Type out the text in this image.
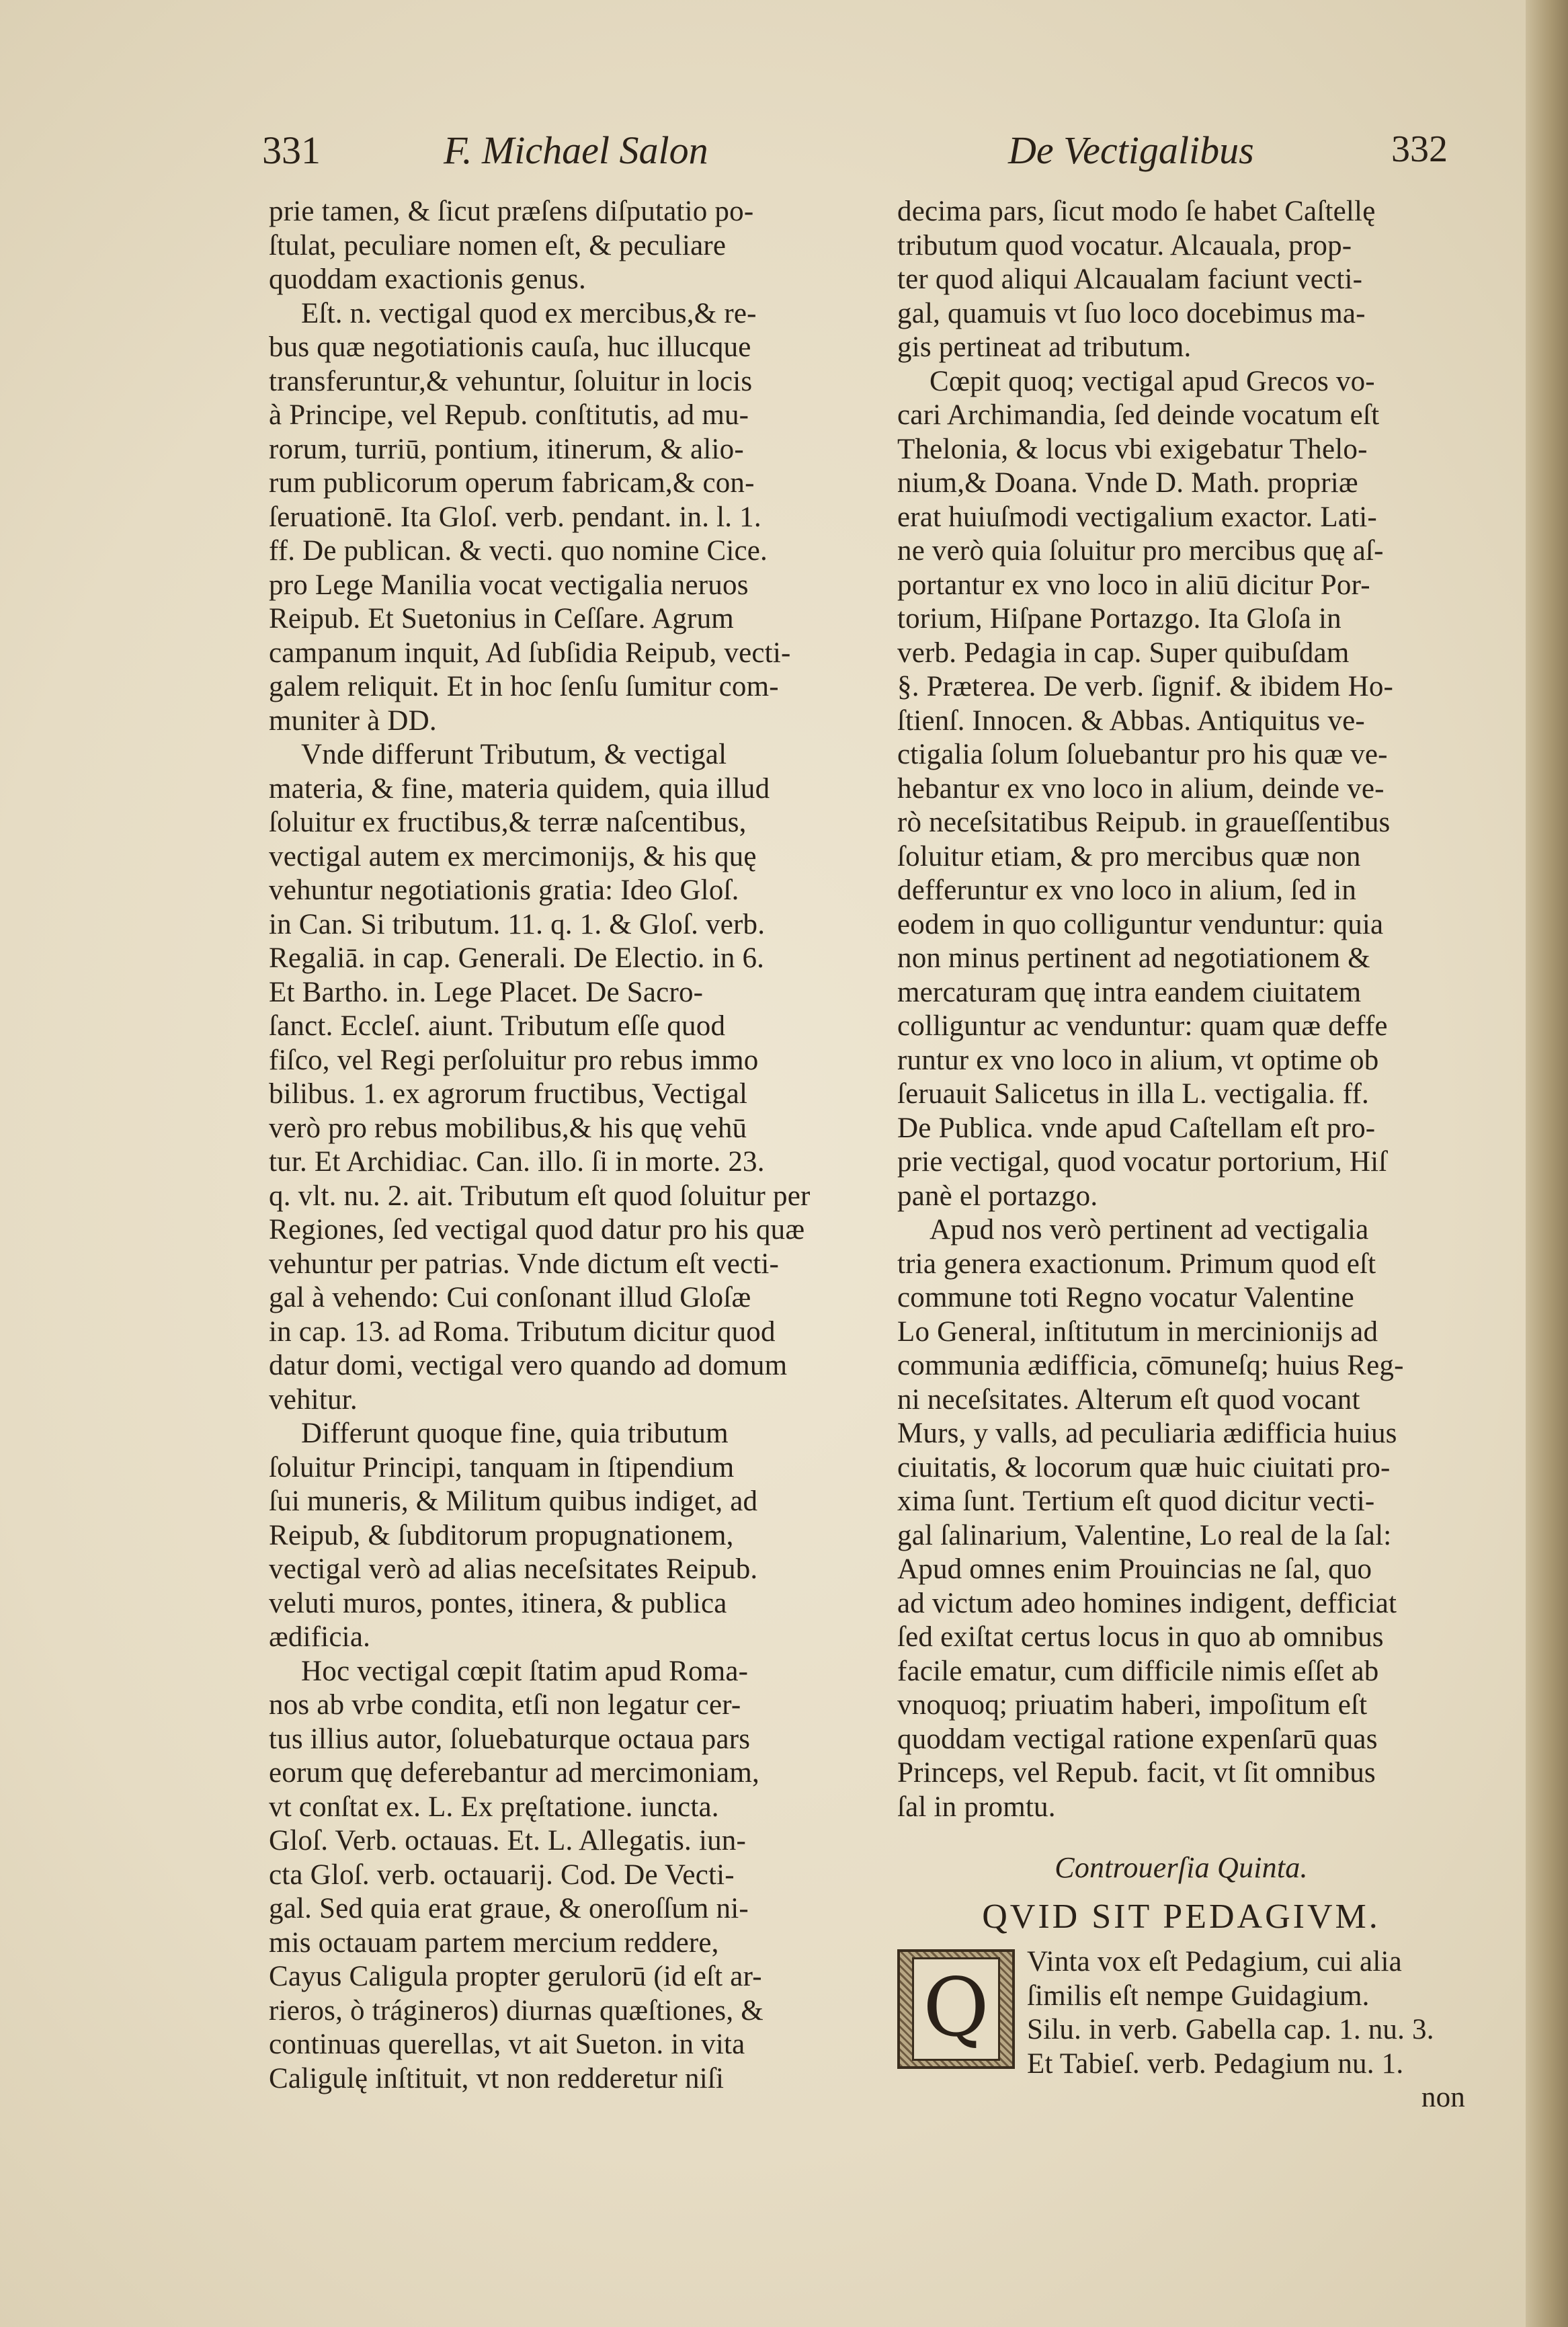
331	F. Michael Salon	De Vectigalibus	332
prie tamen, & ſicut præſens diſputatio po-
ſtulat, peculiare nomen eſt, & peculiare
quoddam exactionis genus.
Eſt. n. vectigal quod ex mercibus,& re-
bus quæ negotiationis cauſa, huc illucque
transferuntur,& vehuntur, ſoluitur in locis
à Principe, vel Repub. conſtitutis, ad mu-
rorum, turriū, pontium, itinerum, & alio-
rum publicorum operum fabricam,& con-
ſeruationē. Ita Gloſ. verb. pendant. in. l. 1.
ff. De publican. & vecti. quo nomine Cice.
pro Lege Manilia vocat vectigalia neruos
Reipub. Et Suetonius in Ceſſare. Agrum
campanum inquit, Ad ſubſidia Reipub, vecti-
galem reliquit. Et in hoc ſenſu ſumitur com-
muniter à DD.
Vnde differunt Tributum, & vectigal
materia, & fine, materia quidem, quia illud
ſoluitur ex fructibus,& terræ naſcentibus,
vectigal autem ex mercimonijs, & his quę
vehuntur negotiationis gratia: Ideo Gloſ.
in Can. Si tributum. 11. q. 1. & Gloſ. verb.
Regaliā. in cap. Generali. De Electio. in 6.
Et Bartho. in. Lege Placet. De Sacro-
ſanct. Eccleſ. aiunt. Tributum eſſe quod
fiſco, vel Regi perſoluitur pro rebus immo
bilibus. 1. ex agrorum fructibus, Vectigal
verò pro rebus mobilibus,& his quę vehū
tur. Et Archidiac. Can. illo. ſi in morte. 23.
q. vlt. nu. 2. ait. Tributum eſt quod ſoluitur per
Regiones, ſed vectigal quod datur pro his quæ
vehuntur per patrias. Vnde dictum eſt vecti-
gal à vehendo: Cui conſonant illud Gloſæ
in cap. 13. ad Roma. Tributum dicitur quod
datur domi, vectigal vero quando ad domum
vehitur.
Differunt quoque fine, quia tributum
ſoluitur Principi, tanquam in ſtipendium
ſui muneris, & Militum quibus indiget, ad
Reipub, & ſubditorum propugnationem,
vectigal verò ad alias neceſsitates Reipub.
veluti muros, pontes, itinera, & publica
ædificia.
Hoc vectigal cœpit ſtatim apud Roma-
nos ab vrbe condita, etſi non legatur cer-
tus illius autor, ſoluebaturque octaua pars
eorum quę deferebantur ad mercimoniam,
vt conſtat ex. L. Ex pręſtatione. iuncta.
Gloſ. Verb. octauas. Et. L. Allegatis. iun-
cta Gloſ. verb. octauarij. Cod. De Vecti-
gal. Sed quia erat graue, & oneroſſum ni-
mis octauam partem mercium reddere,
Cayus Caligula propter gerulorū (id eſt ar-
rieros, ò trágineros) diurnas quæſtiones, &
continuas querellas, vt ait Sueton. in vita
Caligulę inſtituit, vt non redderetur niſi
decima pars, ſicut modo ſe habet Caſtellę
tributum quod vocatur. Alcauala, prop-
ter quod aliqui Alcaualam faciunt vecti-
gal, quamuis vt ſuo loco docebimus ma-
gis pertineat ad tributum.
Cœpit quoq; vectigal apud Grecos vo-
cari Archimandia, ſed deinde vocatum eſt
Thelonia, & locus vbi exigebatur Thelo-
nium,& Doana. Vnde D. Math. propriæ
erat huiuſmodi vectigalium exactor. Lati-
ne verò quia ſoluitur pro mercibus quę aſ-
portantur ex vno loco in aliū dicitur Por-
torium, Hiſpane Portazgo. Ita Gloſa in
verb. Pedagia in cap. Super quibuſdam
§. Præterea. De verb. ſignif. & ibidem Ho-
ſtienſ. Innocen. & Abbas. Antiquitus ve-
ctigalia ſolum ſoluebantur pro his quæ ve-
hebantur ex vno loco in alium, deinde ve-
rò neceſsitatibus Reipub. in graueſſentibus
ſoluitur etiam, & pro mercibus quæ non
defferuntur ex vno loco in alium, ſed in
eodem in quo colliguntur venduntur: quia
non minus pertinent ad negotiationem &
mercaturam quę intra eandem ciuitatem
colliguntur ac venduntur: quam quæ deffe
runtur ex vno loco in alium, vt optime ob
ſeruauit Salicetus in illa L. vectigalia. ff.
De Publica. vnde apud Caſtellam eſt pro-
prie vectigal, quod vocatur portorium, Hiſ
panè el portazgo.
Apud nos verò pertinent ad vectigalia
tria genera exactionum. Primum quod eſt
commune toti Regno vocatur Valentine
Lo General, inſtitutum in mercinionijs ad
communia ædifficia, cōmuneſq; huius Reg-
ni neceſsitates. Alterum eſt quod vocant
Murs, y valls, ad peculiaria ædifficia huius
ciuitatis, & locorum quæ huic ciuitati pro-
xima ſunt. Tertium eſt quod dicitur vecti-
gal ſalinarium, Valentine, Lo real de la ſal:
Apud omnes enim Prouincias ne ſal, quo
ad victum adeo homines indigent, defficiat
ſed exiſtat certus locus in quo ab omnibus
facile ematur, cum difficile nimis eſſet ab
vnoquoq; priuatim haberi, impoſitum eſt
quoddam vectigal ratione expenſarū quas
Princeps, vel Repub. facit, vt ſit omnibus
ſal in promtu.
Controuerſia Quinta.
QVID SIT PEDAGIVM.
Q	Vinta vox eſt Pedagium, cui alia
ſimilis eſt nempe Guidagium.
Silu. in verb. Gabella cap. 1. nu. 3.
Et Tabieſ. verb. Pedagium nu. 1.
non
